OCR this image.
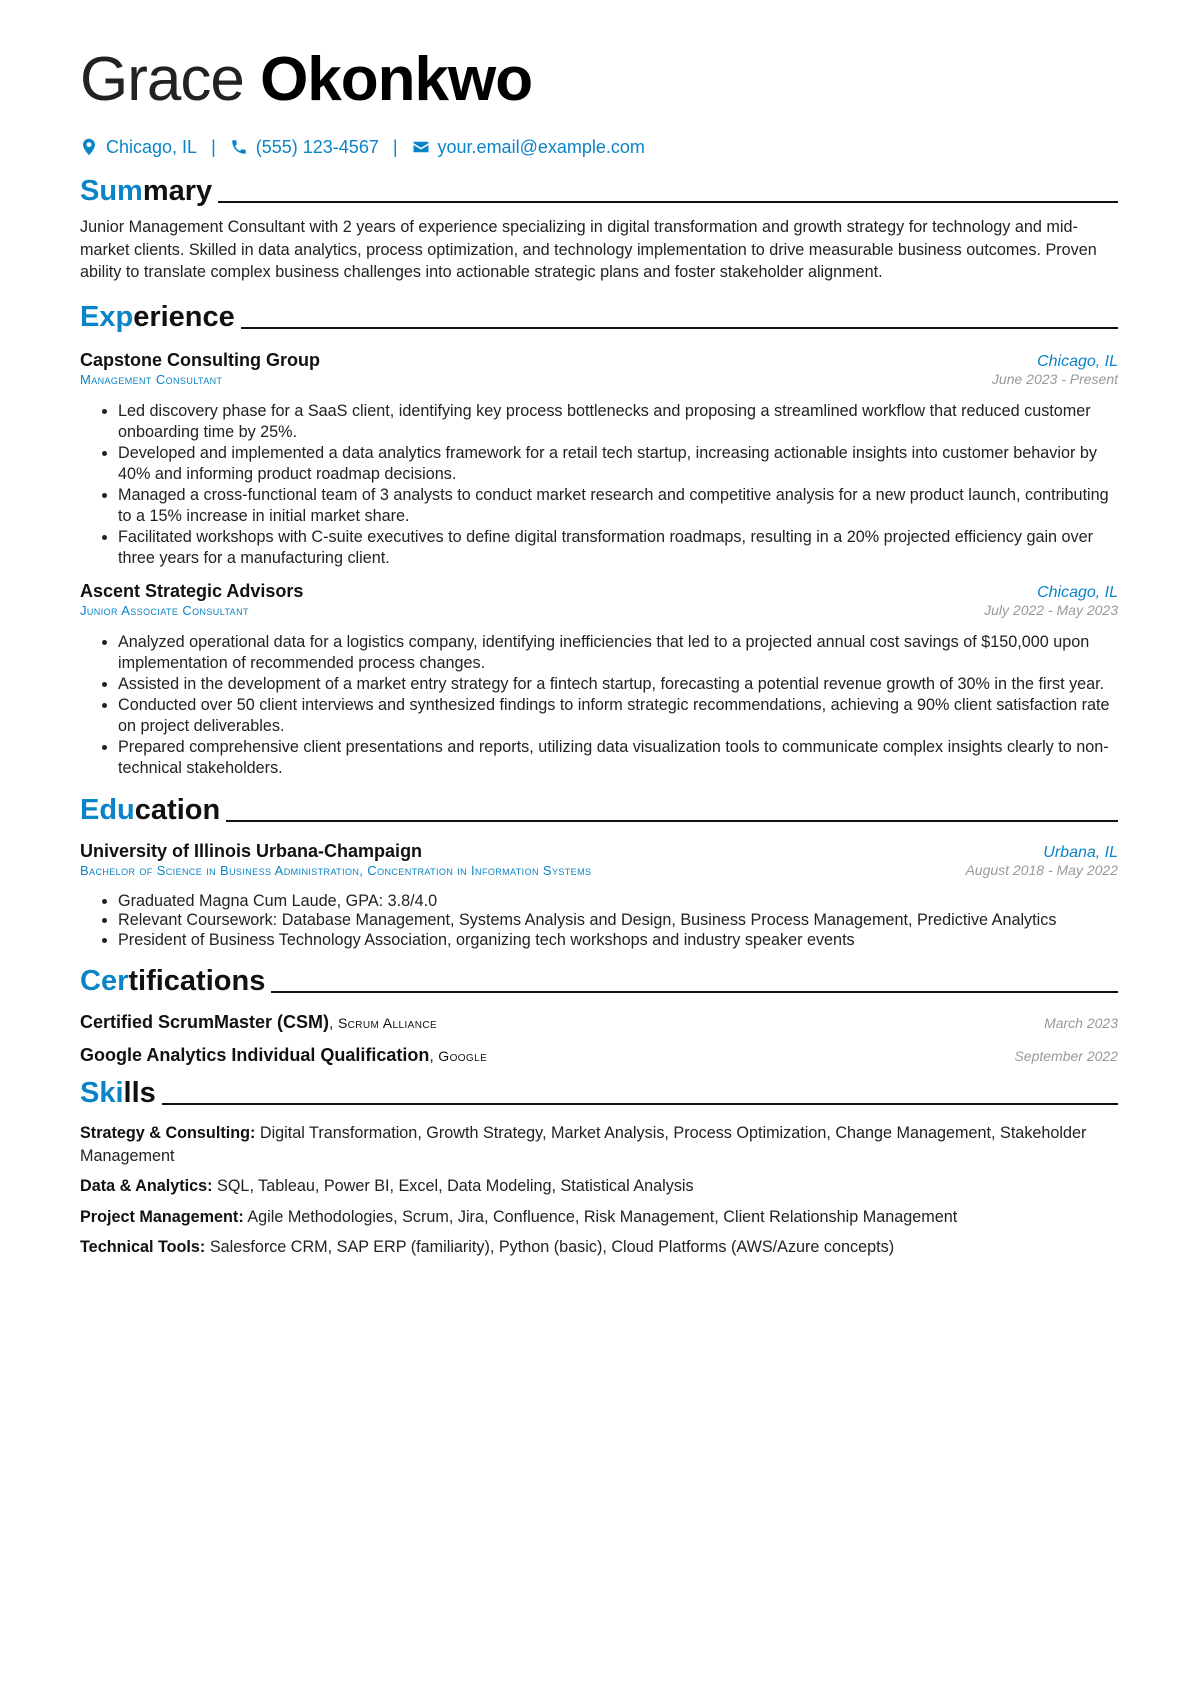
Grace Okonkwo
Chicago, IL | (555) 123-4567 | your.email@example.com
Summary
Junior Management Consultant with 2 years of experience specializing in digital transformation and growth strategy for technology and mid-market clients. Skilled in data analytics, process optimization, and technology implementation to drive measurable business outcomes. Proven ability to translate complex business challenges into actionable strategic plans and foster stakeholder alignment.
Experience
Capstone Consulting Group	Chicago, IL
Management Consultant	June 2023 - Present
• Led discovery phase for a SaaS client, identifying key process bottlenecks and proposing a streamlined workflow that reduced customer onboarding time by 25%.
• Developed and implemented a data analytics framework for a retail tech startup, increasing actionable insights into customer behavior by 40% and informing product roadmap decisions.
• Managed a cross-functional team of 3 analysts to conduct market research and competitive analysis for a new product launch, contributing to a 15% increase in initial market share.
• Facilitated workshops with C-suite executives to define digital transformation roadmaps, resulting in a 20% projected efficiency gain over three years for a manufacturing client.
Ascent Strategic Advisors	Chicago, IL
Junior Associate Consultant	July 2022 - May 2023
• Analyzed operational data for a logistics company, identifying inefficiencies that led to a projected annual cost savings of $150,000 upon implementation of recommended process changes.
• Assisted in the development of a market entry strategy for a fintech startup, forecasting a potential revenue growth of 30% in the first year.
• Conducted over 50 client interviews and synthesized findings to inform strategic recommendations, achieving a 90% client satisfaction rate on project deliverables.
• Prepared comprehensive client presentations and reports, utilizing data visualization tools to communicate complex insights clearly to non-technical stakeholders.
Education
University of Illinois Urbana-Champaign	Urbana, IL
Bachelor of Science in Business Administration, Concentration in Information Systems	August 2018 - May 2022
• Graduated Magna Cum Laude, GPA: 3.8/4.0
• Relevant Coursework: Database Management, Systems Analysis and Design, Business Process Management, Predictive Analytics
• President of Business Technology Association, organizing tech workshops and industry speaker events
Certifications
Certified ScrumMaster (CSM), Scrum Alliance	March 2023
Google Analytics Individual Qualification, Google	September 2022
Skills
Strategy & Consulting: Digital Transformation, Growth Strategy, Market Analysis, Process Optimization, Change Management, Stakeholder Management
Data & Analytics: SQL, Tableau, Power BI, Excel, Data Modeling, Statistical Analysis
Project Management: Agile Methodologies, Scrum, Jira, Confluence, Risk Management, Client Relationship Management
Technical Tools: Salesforce CRM, SAP ERP (familiarity), Python (basic), Cloud Platforms (AWS/Azure concepts)
